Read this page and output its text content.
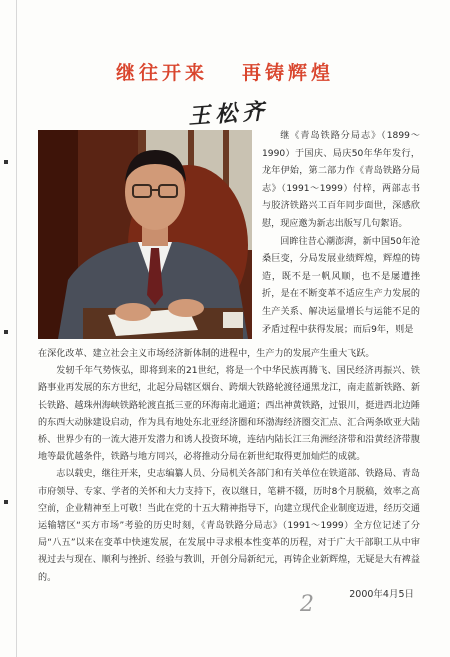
继往开来 再铸辉煌
王松齐

继《青岛铁路分局志》（1899～1990）于国庆、局庆50年华年发行，龙年伊始，第二部力作《青岛铁路分局志》（1991～1999）付梓，两部志书与胶济铁路兴工百年同步面世，深感欣慰，现应邀为新志出版写几句絮语。

回眸往昔心潮澎湃，新中国50年沧桑巨变，分局发展业绩辉煌，辉煌的铸造，既不是一帆风顺，也不是屡遭挫折，是在不断变革不适应生产力发展的生产关系、解决运量增长与运能不足的矛盾过程中获得发展；而后9年，则是

在深化改革、建立社会主义市场经济新体制的进程中，生产力的发展产生重大飞跃。

发轫千年气势恢弘，即将到来的21世纪，将是一个中华民族再腾飞、国民经济再振兴、铁路事业再发展的东方世纪，北起分局辖区烟台、跨烟大铁路轮渡径通黑龙江，南走蓝新铁路、新长铁路、越珠州海峡铁路轮渡直抵三亚的环海南北通道；西出神黄铁路，过银川，挺进西北边陲的东西大动脉建设启动，作为具有地处东北亚经济圈和环渤海经济圈交汇点、汇合两条欧亚大陆桥、世界少有的一流大港开发潜力和诱人投资环境，连结内陆长江三角洲经济带和沿黄经济带腹地等最优越条件，铁路与地方同兴，必将推动分局在新世纪取得更加灿烂的成就。

志以载史，继往开来，史志编纂人员、分局机关各部门和有关单位在铁道部、铁路局、青岛市府领导、专家、学者的关怀和大力支持下，夜以继日，笔耕不辍，历时8个月脱稿，效率之高空前，企业精神至上可敬！当此在党的十五大精神指导下，向建立现代企业制度迈进，经历交通运输辖区“买方市场”考验的历史时刻，《青岛铁路分局志》（1991～1999）全方位记述了分局“八五”以来在变革中快速发展，在发展中寻求根本性变革的历程，对于广大干部职工从中审视过去与现在、顺利与挫折、经验与教训，开创分局新纪元，再铸企业新辉煌，无疑是大有裨益的。

2000年4月5日
2
